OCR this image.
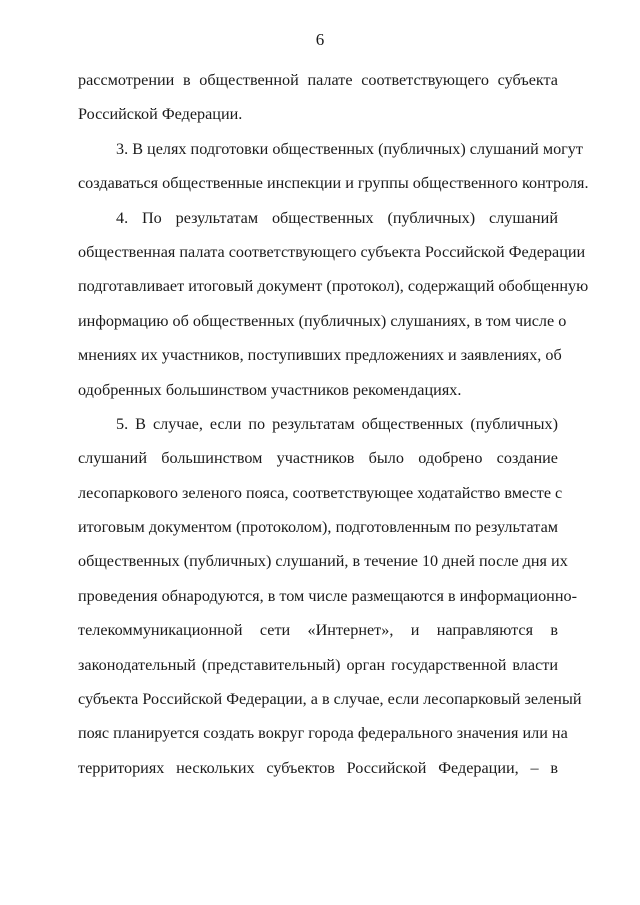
6
рассмотрении в общественной палате соответствующего субъекта
Российской Федерации.
3. В целях подготовки общественных (публичных) слушаний могут
создаваться общественные инспекции и группы общественного контроля.
4. По результатам общественных (публичных) слушаний
общественная палата соответствующего субъекта Российской Федерации
подготавливает итоговый документ (протокол), содержащий обобщенную
информацию об общественных (публичных) слушаниях, в том числе о
мнениях их участников, поступивших предложениях и заявлениях, об
одобренных большинством участников рекомендациях.
5. В случае, если по результатам общественных (публичных)
слушаний большинством участников было одобрено создание
лесопаркового зеленого пояса, соответствующее ходатайство вместе с
итоговым документом (протоколом), подготовленным по результатам
общественных (публичных) слушаний, в течение 10 дней после дня их
проведения обнародуются, в том числе размещаются в информационно-
телекоммуникационной сети «Интернет», и направляются в
законодательный (представительный) орган государственной власти
субъекта Российской Федерации, а в случае, если лесопарковый зеленый
пояс планируется создать вокруг города федерального значения или на
территориях нескольких субъектов Российской Федерации, – в
